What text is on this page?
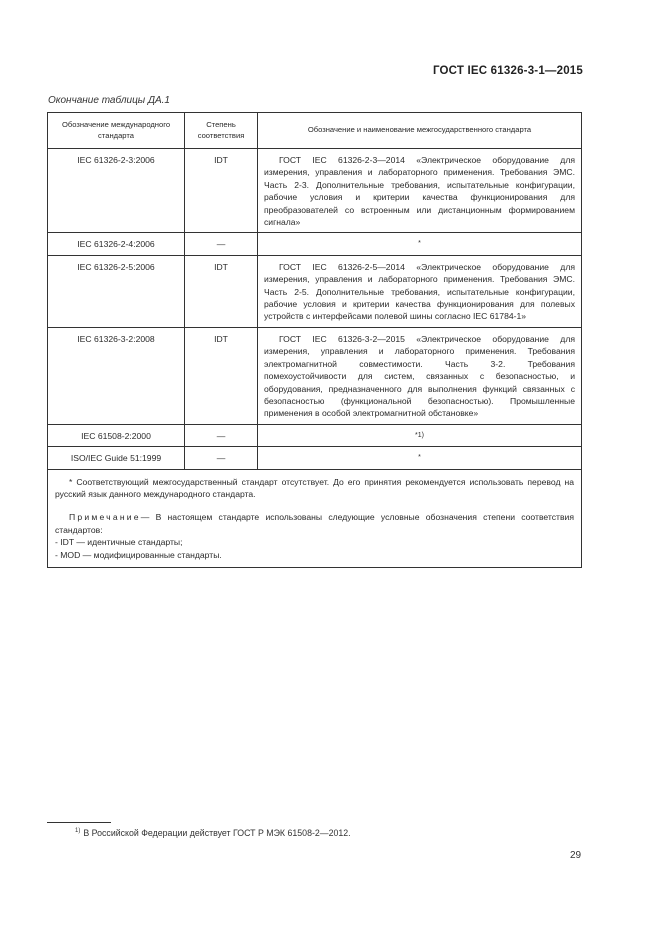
ГОСТ IEC 61326-3-1—2015
Окончание таблицы ДА.1
Обозначение международного стандарта	Степень соответствия	Обозначение и наименование межгосударственного стандарта

IEC 61326-2-3:2006	IDT	ГОСТ IEC 61326-2-3—2014 «Электрическое оборудование для измерения, управления и лабораторного применения. Требования ЭМС. Часть 2-3. Дополнительные требования, испытательные конфигурации, рабочие условия и критерии качества функционирования для преобразователей со встроенным или дистанционным формированием сигнала»

IEC 61326-2-4:2006	—	*

IEC 61326-2-5:2006	IDT	ГОСТ IEC 61326-2-5—2014 «Электрическое оборудование для измерения, управления и лабораторного применения. Требования ЭМС. Часть 2-5. Дополнительные требования, испытательные конфигурации, рабочие условия и критерии качества функционирования для полевых устройств с интерфейсами полевой шины согласно IEC 61784-1»

IEC 61326-3-2:2008	IDT	ГОСТ IEC 61326-3-2—2015 «Электрическое оборудование для измерения, управления и лабораторного применения. Требования электромагнитной совместимости. Часть 3-2. Требования помехоустойчивости для систем, связанных с безопасностью, и оборудования, предназначенного для выполнения функций связанных с безопасностью (функциональной безопасностью). Промышленные применения в особой электромагнитной обстановке»

IEC 61508-2:2000	—	*1)

ISO/IEC Guide 51:1999	—	*

* Соответствующий межгосударственный стандарт отсутствует. До его принятия рекомендуется использовать перевод на русский язык данного международного стандарта.

Примечание— В настоящем стандарте использованы следующие условные обозначения степени соответствия стандартов:

- IDT — идентичные стандарты;

- MOD — модифицированные стандарты.		

$^{1)}$ В Российской Федерации действует ГОСТ Р МЭК 61508-2—2012.
29
